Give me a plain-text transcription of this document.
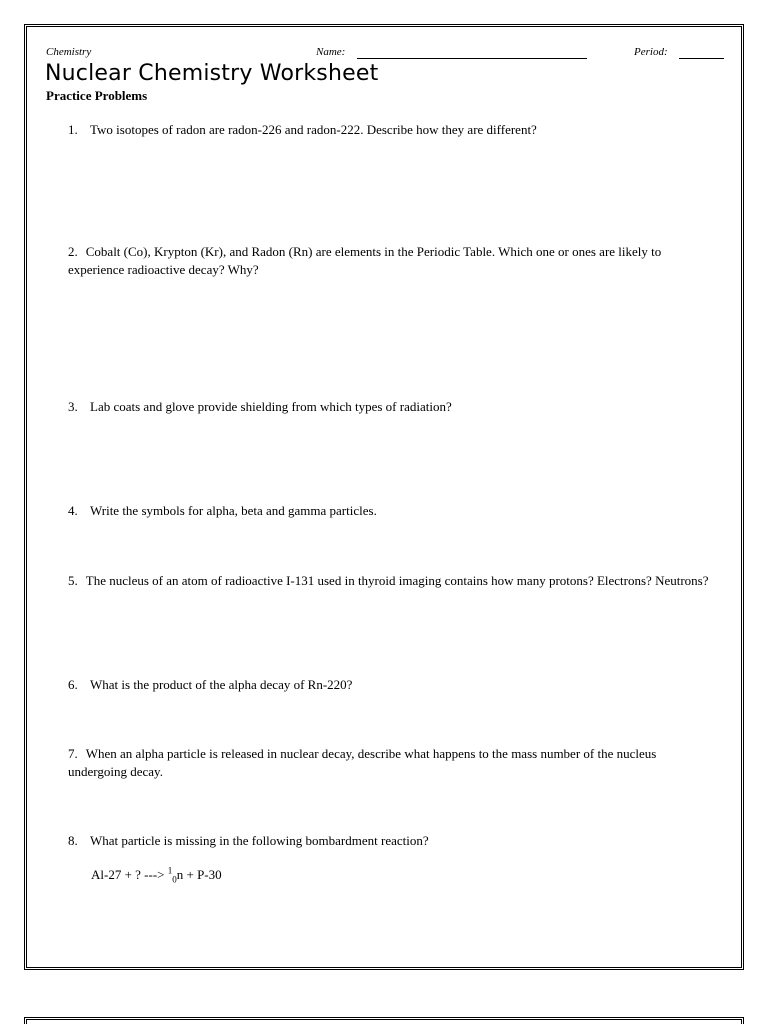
Chemistry	Name:	Period:
Nuclear Chemistry Worksheet
Practice Problems
1. Two isotopes of radon are radon-226 and radon-222. Describe how they are different?
2. Cobalt (Co), Krypton (Kr), and Radon (Rn) are elements in the Periodic Table. Which one or ones are likely to experience radioactive decay? Why?
3. Lab coats and glove provide shielding from which types of radiation?
4. Write the symbols for alpha, beta and gamma particles.
5. The nucleus of an atom of radioactive I-131 used in thyroid imaging contains how many protons? Electrons? Neutrons?
6. What is the product of the alpha decay of Rn-220?
7. When an alpha particle is released in nuclear decay, describe what happens to the mass number of the nucleus undergoing decay.
8. What particle is missing in the following bombardment reaction?
Al-27 + ? ---> $^1_0$n + P-30
